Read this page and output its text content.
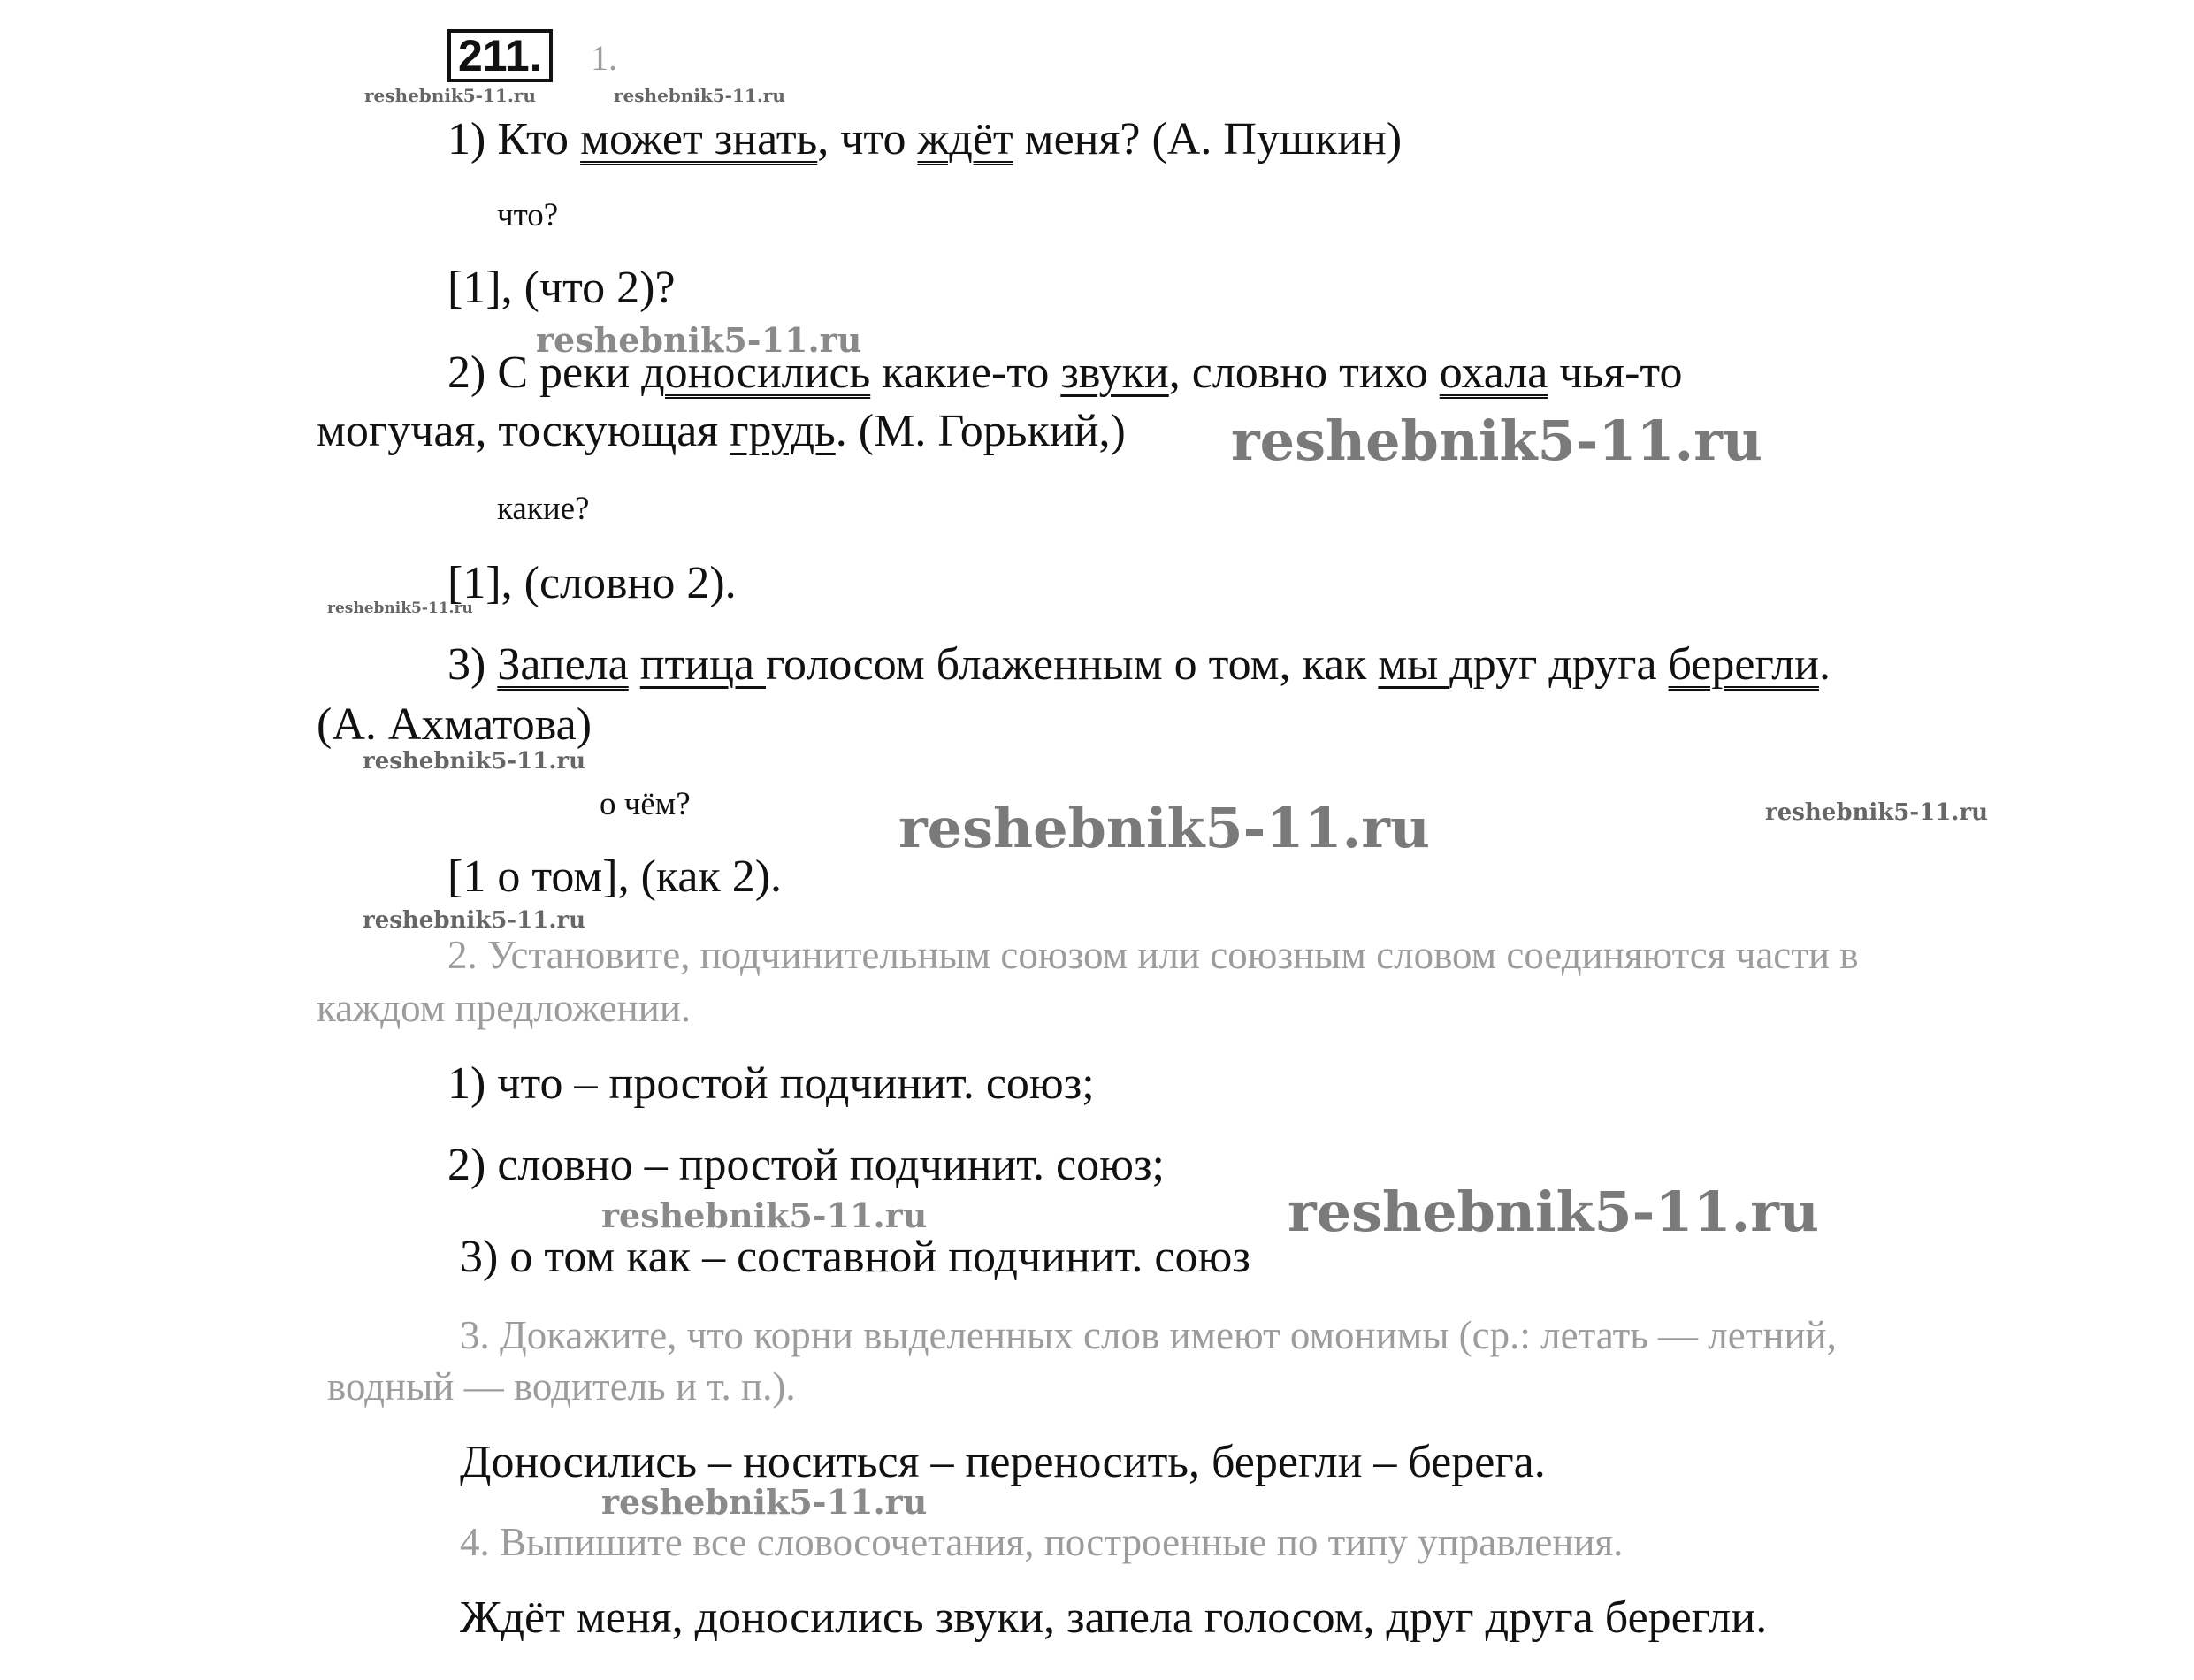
211.	1.
reshebnik5-11.ru	reshebnik5-11.ru
1) Кто может знать, что ждёт меня? (А. Пушкин)
что?
[1], (что 2)?
reshebnik5-11.ru
2) С реки доносились какие-то звуки, словно тихо охала чья-то
могучая, тоскующая грудь. (М. Горький,) reshebnik5-11.ru
какие?
reshebnik5-11.ru
[1], (словно 2).
3) Запела птица голосом блаженным о том, как мы друг друга берегли.
(А. Ахматова)
reshebnik5-11.ru
о чём?	reshebnik5-11.ru	reshebnik5-11.ru
[1 о том], (как 2).
reshebnik5-11.ru
2. Установите, подчинительным союзом или союзным словом соединяются части в
каждом предложении.
1) что – простой подчинит. союз;
2) словно – простой подчинит. союз;
reshebnik5-11.ru	reshebnik5-11.ru
3) о том как – составной подчинит. союз
3. Докажите, что корни выделенных слов имеют омонимы (ср.: летать — летний,
водный — водитель и т. п.).
Доносились – носиться – переносить, берегли – берега.
reshebnik5-11.ru
4. Выпишите все словосочетания, построенные по типу управления.
Ждёт меня, доносились звуки, запела голосом, друг друга берегли.
